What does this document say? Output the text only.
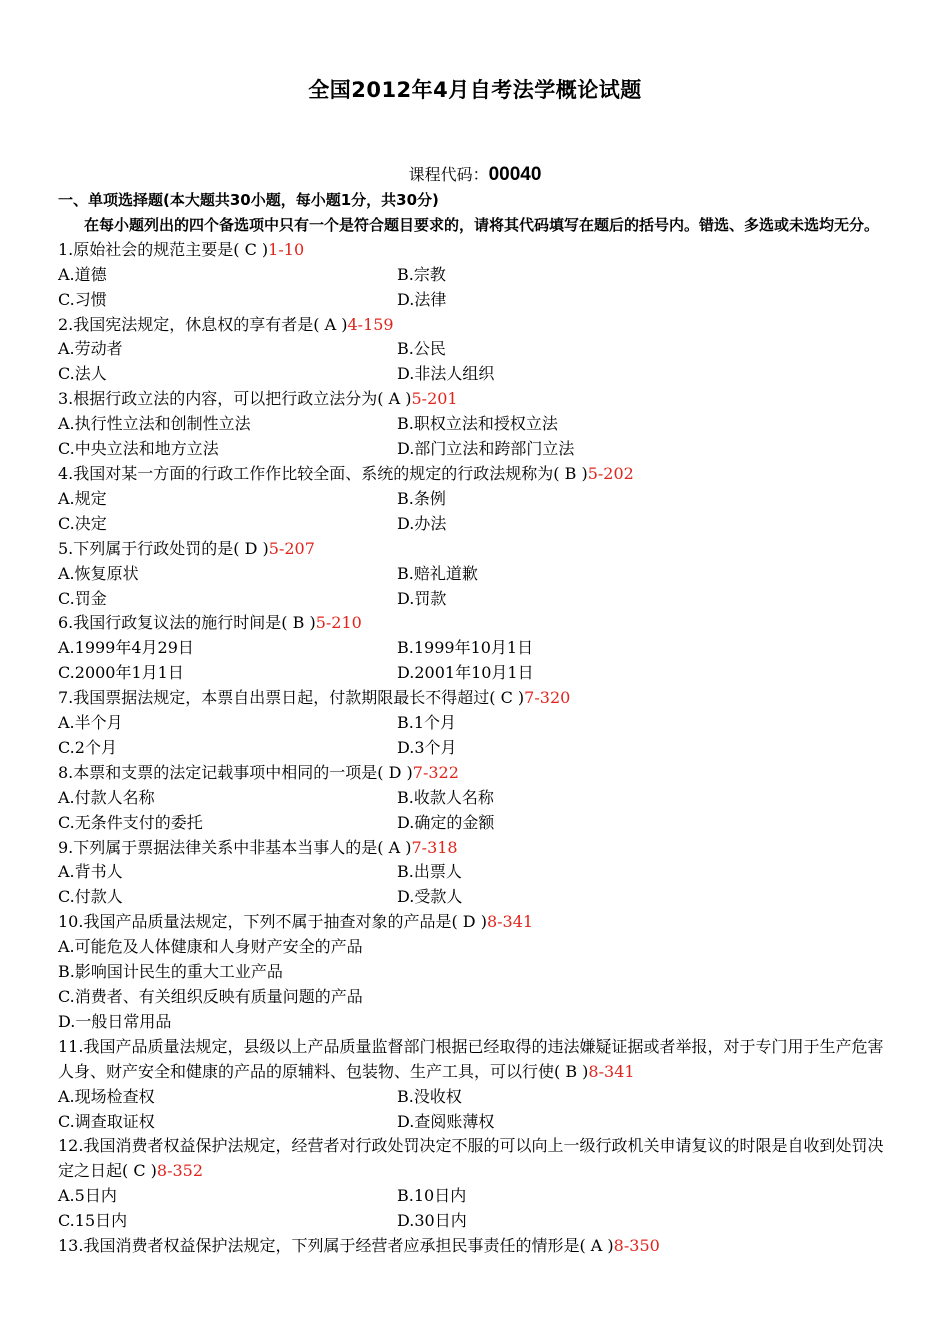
全国2012年4月自考法学概论试题
课程代码：00040
一、单项选择题(本大题共30小题，每小题1分，共30分)
在每小题列出的四个备选项中只有一个是符合题目要求的，请将其代码填写在题后的括号内。错选、多选或未选均无分。
1.原始社会的规范主要是( C )1-10
A.道德	B.宗教
C.习惯	D.法律
2.我国宪法规定，休息权的享有者是( A )4-159
A.劳动者	B.公民
C.法人	D.非法人组织
3.根据行政立法的内容，可以把行政立法分为( A )5-201
A.执行性立法和创制性立法	B.职权立法和授权立法
C.中央立法和地方立法	D.部门立法和跨部门立法
4.我国对某一方面的行政工作作比较全面、系统的规定的行政法规称为( B )5-202
A.规定	B.条例
C.决定	D.办法
5.下列属于行政处罚的是( D )5-207
A.恢复原状	B.赔礼道歉
C.罚金	D.罚款
6.我国行政复议法的施行时间是( B )5-210
A.1999年4月29日	B.1999年10月1日
C.2000年1月1日	D.2001年10月1日
7.我国票据法规定，本票自出票日起，付款期限最长不得超过( C )7-320
A.半个月	B.1个月
C.2个月	D.3个月
8.本票和支票的法定记载事项中相同的一项是( D )7-322
A.付款人名称	B.收款人名称
C.无条件支付的委托	D.确定的金额
9.下列属于票据法律关系中非基本当事人的是( A )7-318
A.背书人	B.出票人
C.付款人	D.受款人
10.我国产品质量法规定，下列不属于抽查对象的产品是( D )8-341
A.可能危及人体健康和人身财产安全的产品
B.影响国计民生的重大工业产品
C.消费者、有关组织反映有质量问题的产品
D.一般日常用品
11.我国产品质量法规定，县级以上产品质量监督部门根据已经取得的违法嫌疑证据或者举报，对于专门用于生产危害人身、财产安全和健康的产品的原辅料、包装物、生产工具，可以行使( B )8-341
A.现场检查权	B.没收权
C.调查取证权	D.查阅账薄权
12.我国消费者权益保护法规定，经营者对行政处罚决定不服的可以向上一级行政机关申请复议的时限是自收到处罚决定之日起( C )8-352
A.5日内	B.10日内
C.15日内	D.30日内
13.我国消费者权益保护法规定，下列属于经营者应承担民事责任的情形是( A )8-350
